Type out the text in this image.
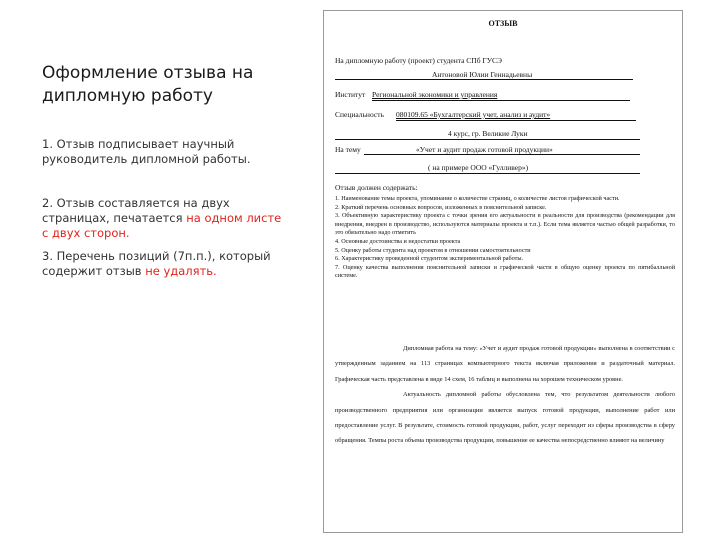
Оформление отзыва на дипломную работу

1. Отзыв подписывает научный руководитель дипломной работы.

2. Отзыв составляется на двух страницах, печатается на одном листе с двух сторон.

3. Перечень позиций (7п.п.), который содержит отзыв не удалять.

ОТЗЫВ
На дипломную работу (проект) студента СПб ГУСЭ
Антоновой Юлии Геннадьевны
Институт Региональной экономики и управления
Специальность 080109.65 «Бухгалтерский учет, анализ и аудит»
4 курс, гр. Великие Луки
На тему	«Учет и аудит продаж готовой продукции»
( на примере ООО «Гулливер»)
Отзыв должен содержать:

1. Наименование темы проекта, упоминание о количестве страниц, о количестве листов графической части.

2. Краткий перечень основных вопросов, изложенных в пояснительной записке.

3. Объективную характеристику проекта с точки зрения его актуальности в реальности для производства (рекомендации для внедрения, внедрен в производство, используются материалы проекта и т.п.). Если тема является частью общей разработки, то это обязательно надо отметить

4. Основные достоинства и недостатки проекта

5. Оценку работы студента над проектом в отношении самостоятельности

6. Характеристику проведенной студентом экспериментальной работы.

7. Оценку качества выполнения пояснительной записки и графической части в общую оценку проекта по пятибалльной системе.

Дипломная работа на тему: «Учет и аудит продаж готовой продукции» выполнена в соответствии с утвержденным заданием на 113 страницах компьютерного текста включая приложения и раздаточный материал. Графическая часть представлена в виде 14 схем, 16 таблиц и выполнена на хорошем техническом уровне.

Актуальность дипломной работы обусловлена тем, что результатом деятельности любого производственного предприятия или организации является выпуск готовой продукции, выполнение работ или предоставление услуг. В результате, стоимость готовой продукции, работ, услуг переходит из сферы производства в сферу обращения. Темпы роста объема производства продукции, повышение ее качества непосредственно влияют на величину
